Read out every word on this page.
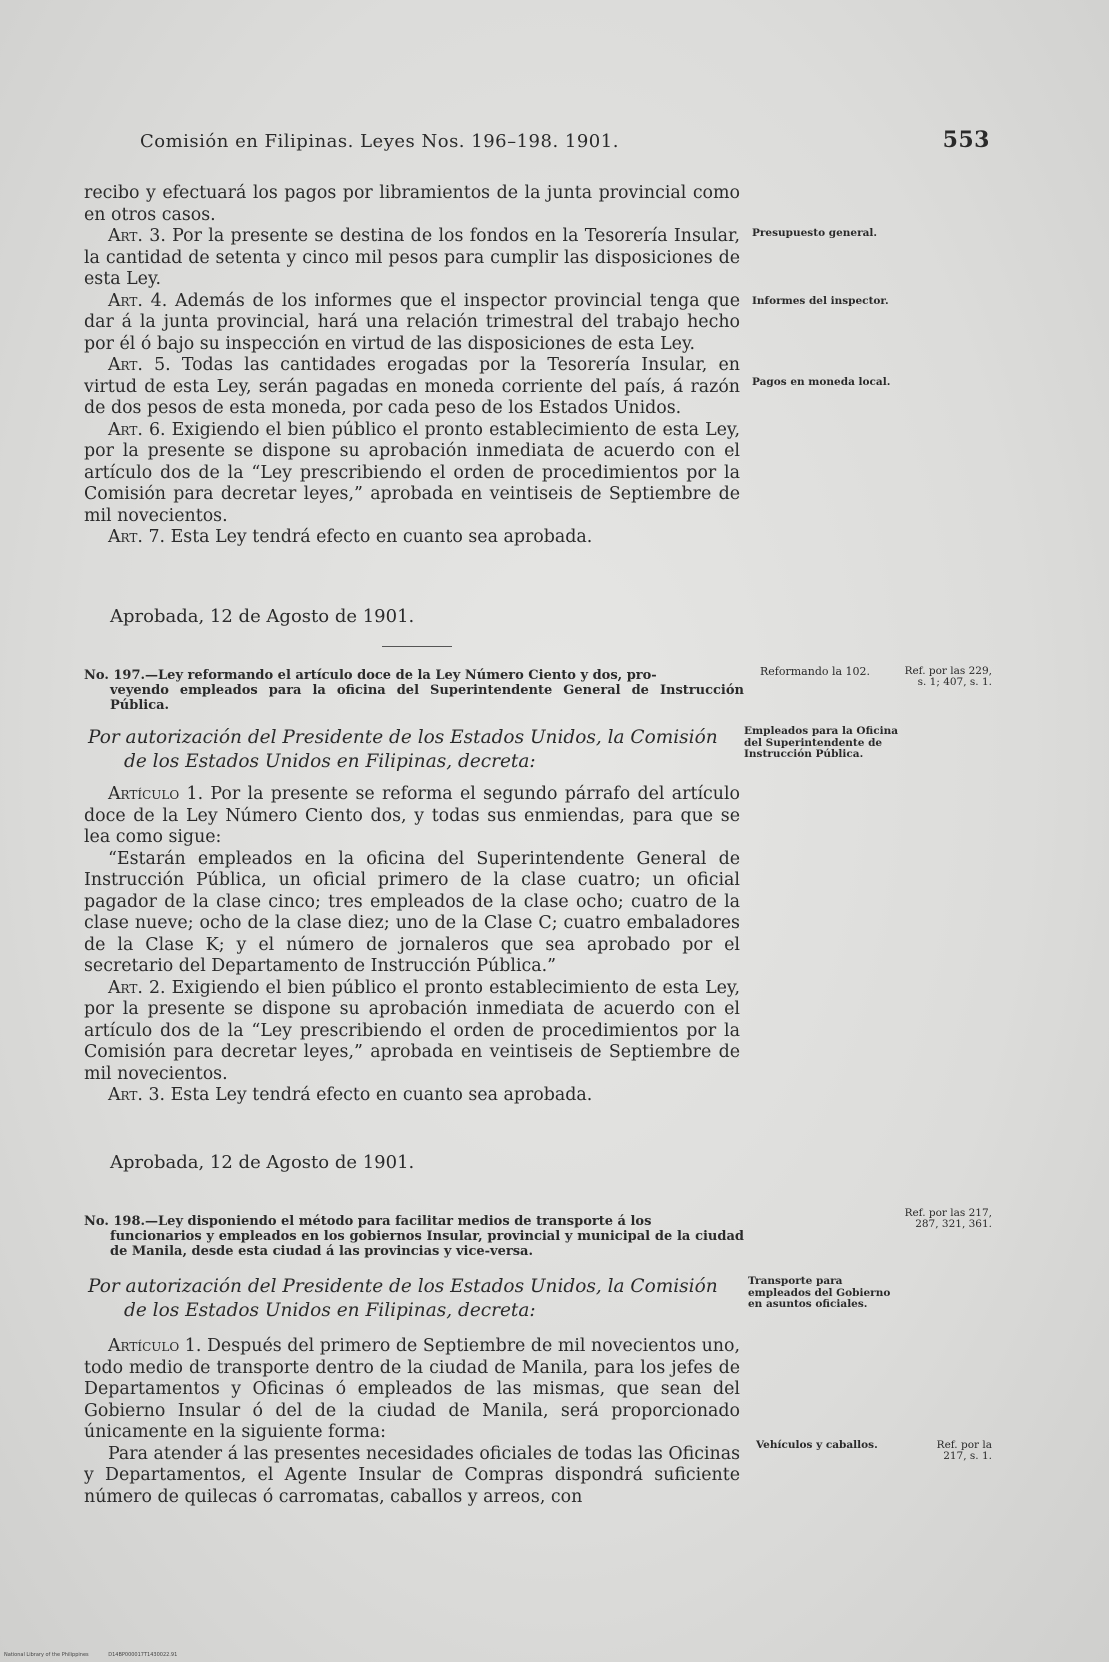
Comisión en Filipinas. Leyes Nos. 196–198. 1901.	553

recibo y efectuará los pagos por libramientos de la junta provincial como en otros casos.

Art. 3. Por la presente se destina de los fondos en la Tesorería Insular, la cantidad de setenta y cinco mil pesos para cumplir las disposiciones de esta Ley.

Art. 4. Además de los informes que el inspector provincial tenga que dar á la junta provincial, hará una relación trimestral del trabajo hecho por él ó bajo su inspección en virtud de las disposiciones de esta Ley.

Art. 5. Todas las cantidades erogadas por la Tesorería Insular, en virtud de esta Ley, serán pagadas en moneda corriente del país, á razón de dos pesos de esta moneda, por cada peso de los Estados Unidos.

Art. 6. Exigiendo el bien público el pronto establecimiento de esta Ley, por la presente se dispone su aprobación inmediata de acuerdo con el artículo dos de la “Ley prescribiendo el orden de procedimientos por la Comisión para decretar leyes,” aprobada en veintiseis de Septiembre de mil novecientos.

Art. 7. Esta Ley tendrá efecto en cuanto sea aprobada.

Aprobada, 12 de Agosto de 1901.
Presupuesto general.
Informes del inspector.
Pagos en moneda local.
No. 197.—Ley reformando el artículo doce de la Ley Número Ciento y dos, pro-
veyendo empleados para la oficina del Superintendente General de Instrucción Pública.
Reformando la 102.	Ref. por las 229, s. 1; 407, s. 1.
Por autorización del Presidente de los Estados Unidos, la Comisión
de los Estados Unidos en Filipinas, decreta:
Empleados para la Oficina del Superintendente de Instrucción Pública.

Artículo 1. Por la presente se reforma el segundo párrafo del artículo doce de la Ley Número Ciento dos, y todas sus enmiendas, para que se lea como sigue:

“Estarán empleados en la oficina del Superintendente General de Instrucción Pública, un oficial primero de la clase cuatro; un oficial pagador de la clase cinco; tres empleados de la clase ocho; cuatro de la clase nueve; ocho de la clase diez; uno de la Clase C; cuatro embaladores de la Clase K; y el número de jornaleros que sea aprobado por el secretario del Departamento de Instrucción Pública.”

Art. 2. Exigiendo el bien público el pronto establecimiento de esta Ley, por la presente se dispone su aprobación inmediata de acuerdo con el artículo dos de la “Ley prescribiendo el orden de procedimientos por la Comisión para decretar leyes,” aprobada en veintiseis de Septiembre de mil novecientos.

Art. 3. Esta Ley tendrá efecto en cuanto sea aprobada.

Aprobada, 12 de Agosto de 1901.
Ref. por las 217, 287, 321, 361.
No. 198.—Ley disponiendo el método para facilitar medios de transporte á los
funcionarios y empleados en los gobiernos Insular, provincial y municipal de la ciudad de Manila, desde esta ciudad á las provincias y vice-versa.
Por autorización del Presidente de los Estados Unidos, la Comisión
de los Estados Unidos en Filipinas, decreta:
Transporte para empleados del Gobierno en asuntos oficiales.

Artículo 1. Después del primero de Septiembre de mil novecientos uno, todo medio de transporte dentro de la ciudad de Manila, para los jefes de Departamentos y Oficinas ó empleados de las mismas, que sean del Gobierno Insular ó del de la ciudad de Manila, será proporcionado únicamente en la siguiente forma:

Para atender á las presentes necesidades oficiales de todas las Oficinas y Departamentos, el Agente Insular de Compras dispondrá suficiente número de quilecas ó carromatas, caballos y arreos, con

Vehículos y caballos.	Ref. por la 217, s. 1.
National Library of the Philippines	D14BP000017T1430022.91
